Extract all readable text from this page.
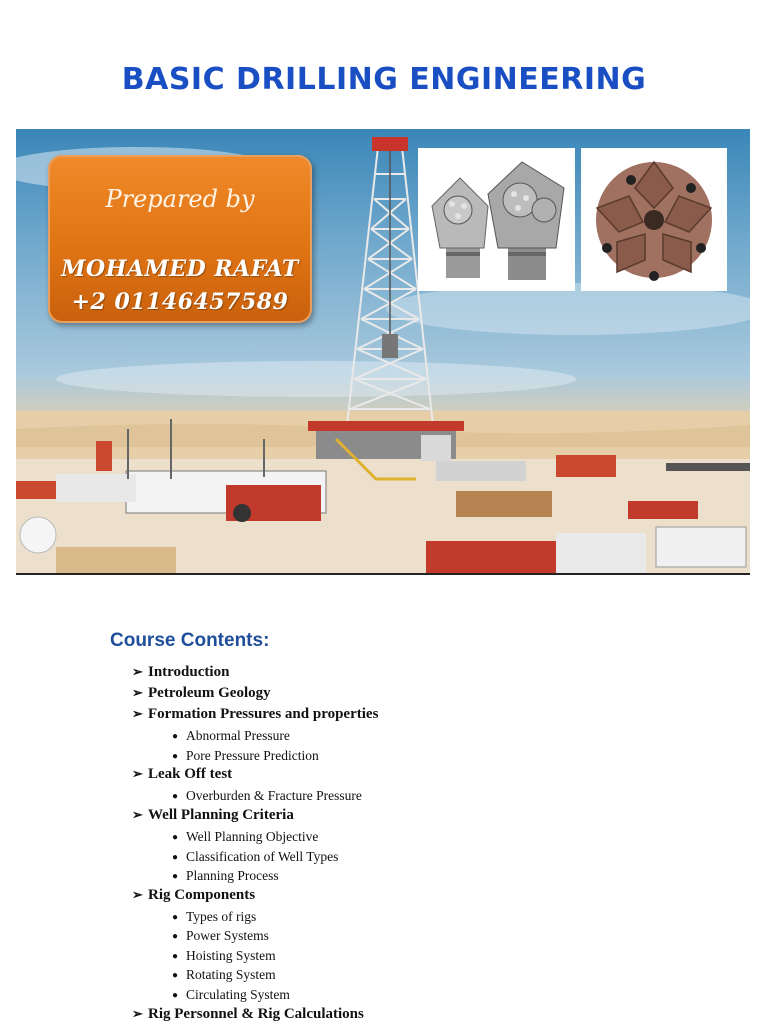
BASIC DRILLING ENGINEERING
Prepared by
MOHAMED RAFAT
+2 01146457589
Course Contents:
➢ Introduction
➢ Petroleum Geology
➢ Formation Pressures and properties
● Abnormal Pressure
● Pore Pressure Prediction
➢ Leak Off test
● Overburden & Fracture Pressure
➢ Well Planning Criteria
● Well Planning Objective
● Classification of Well Types
● Planning Process
➢ Rig Components
● Types of rigs
● Power Systems
● Hoisting System
● Rotating System
● Circulating System
➢ Rig Personnel & Rig Calculations
